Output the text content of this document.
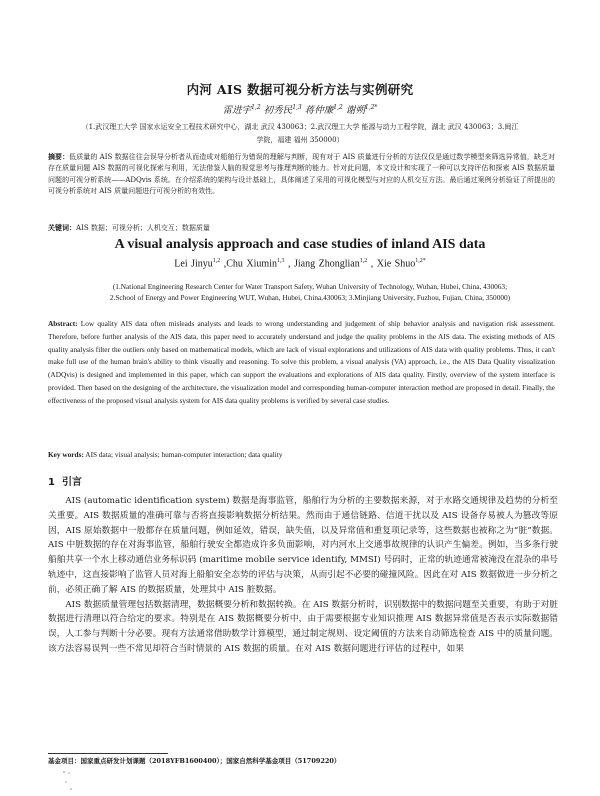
内河 AIS 数据可视分析方法与实例研究
雷进宇$^{1,2}$ 初秀民$^{1,3}$ 蒋仲廉$^{1,2}$ 谢朔$^{1,2*}$
（1.武汉理工大学 国家水运安全工程技术研究中心，湖北 武汉 430063；2.武汉理工大学 能源与动力工程学院，湖北 武汉 430063；3.闽江学院，福建 福州 350000）
摘要：低质量的 AIS 数据往往会误导分析者从而造成对船舶行为错误的理解与判断，现有对于 AIS 质量进行分析的方法仅仅是通过数学模型来筛选异常值，缺乏对存在质量问题 AIS 数据的可视化探索与利用，无法借鉴人脑的视觉思考与推理判断的能力。针对此问题，本文设计和实现了一种可以支持评估和探索 AIS 数据质量问题的可视分析系统——ADQvis 系统。在介绍系统的架构与设计基础上，具体阐述了采用的可视化模型与对应的人机交互方法。最后通过案例分析验证了所提出的可视分析系统对 AIS 质量问题进行可视分析的有效性。
关键词：AIS 数据；可视分析；人机交互；数据质量
A visual analysis approach and case studies of inland AIS data
Lei Jinyu$^{1,2}$ ,Chu Xiumin$^{1,3}$ , Jiang Zhonglian$^{1,2}$ , Xie Shuo$^{1,2*}$
(1.National Engineering Research Center for Water Transport Safety, Wuhan University of Technology, Wuhan, Hubei, China, 430063; 2.School of Energy and Power Engineering WUT, Wuhan, Hubei, China,430063; 3.Minjiang University, Fuzhou, Fujian, China, 350000)
Abstract: Low quality AIS data often misleads analysts and leads to wrong understanding and judgement of ship behavior analysis and navigation risk assessment. Therefore, before further analysis of the AIS data, this paper need to accurately understand and judge the quality problems in the AIS data. The existing methods of AIS quality analysis filter the outliers only based on mathematical models, which are lack of visual explorations and utilizations of AIS data with quality problems. Thus, it can't make full use of the human brain's ability to think visually and reasoning. To solve this problem, a visual analysis (VA) approach, i.e., the AIS Data Quality visualization (ADQvis) is designed and implemented in this paper, which can support the evaluations and explorations of AIS data quality. Firstly, overview of the system interface is provided. Then based on the designing of the architecture, the visualization model and corresponding human-computer interaction method are proposed in detail. Finally, the effectiveness of the proposed visual analysis system for AIS data quality problems is verified by several case studies.
Key words: AIS data; visual analysis; human-computer interaction; data quality
1 引言

AIS (automatic identification system) 数据是海事监管，船舶行为分析的主要数据来源，对于水路交通规律及趋势的分析至关重要。AIS 数据质量的准确可靠与否将直接影响数据分析结果。然而由于通信链路、信道干扰以及 AIS 设备存易被人为篡改等原因，AIS 原始数据中一般都存在质量问题，例如延效，错误，缺失值，以及异常值和重复项记录等，这些数据也被称之为“脏”数据。AIS 中脏数据的存在对海事监管，船舶行驶安全都造成许多负面影响，对内河水上交通事故规律的认识产生偏差。例如，当多条行驶船舶共享一个水上移动通信业务标识码 (maritime mobile service identify, MMSI) 号码时，正常的轨迹通常被淹没在混杂的串号轨迹中，这直接影响了监管人员对海上船舶安全态势的评估与决策，从而引起不必要的碰撞风险。因此在对 AIS 数据做进一步分析之前，必须正确了解 AIS 的数据质量，处理其中 AIS 脏数据。

AIS 数据质量管理包括数据清理，数据概要分析和数据转换。在 AIS 数据分析时，识别数据中的数据问题至关重要，有助于对脏数据进行清理以符合给定的要求。特别是在 AIS 数据概要分析中，由于需要根据专业知识推理 AIS 数据异常值是否表示实际数据错误，人工参与判断十分必要。现有方法通常借助数学计算模型，通过制定规则、设定阈值的方法来自动筛选检查 AIS 中的质量问题。该方法容易误判一些不常见却符合当时情景的 AIS 数据的质量。在对 AIS 数据问题进行评估的过程中，如果

基金项目：国家重点研发计划课题（2018YFB1600400）；国家自然科学基金项目（51709220）
